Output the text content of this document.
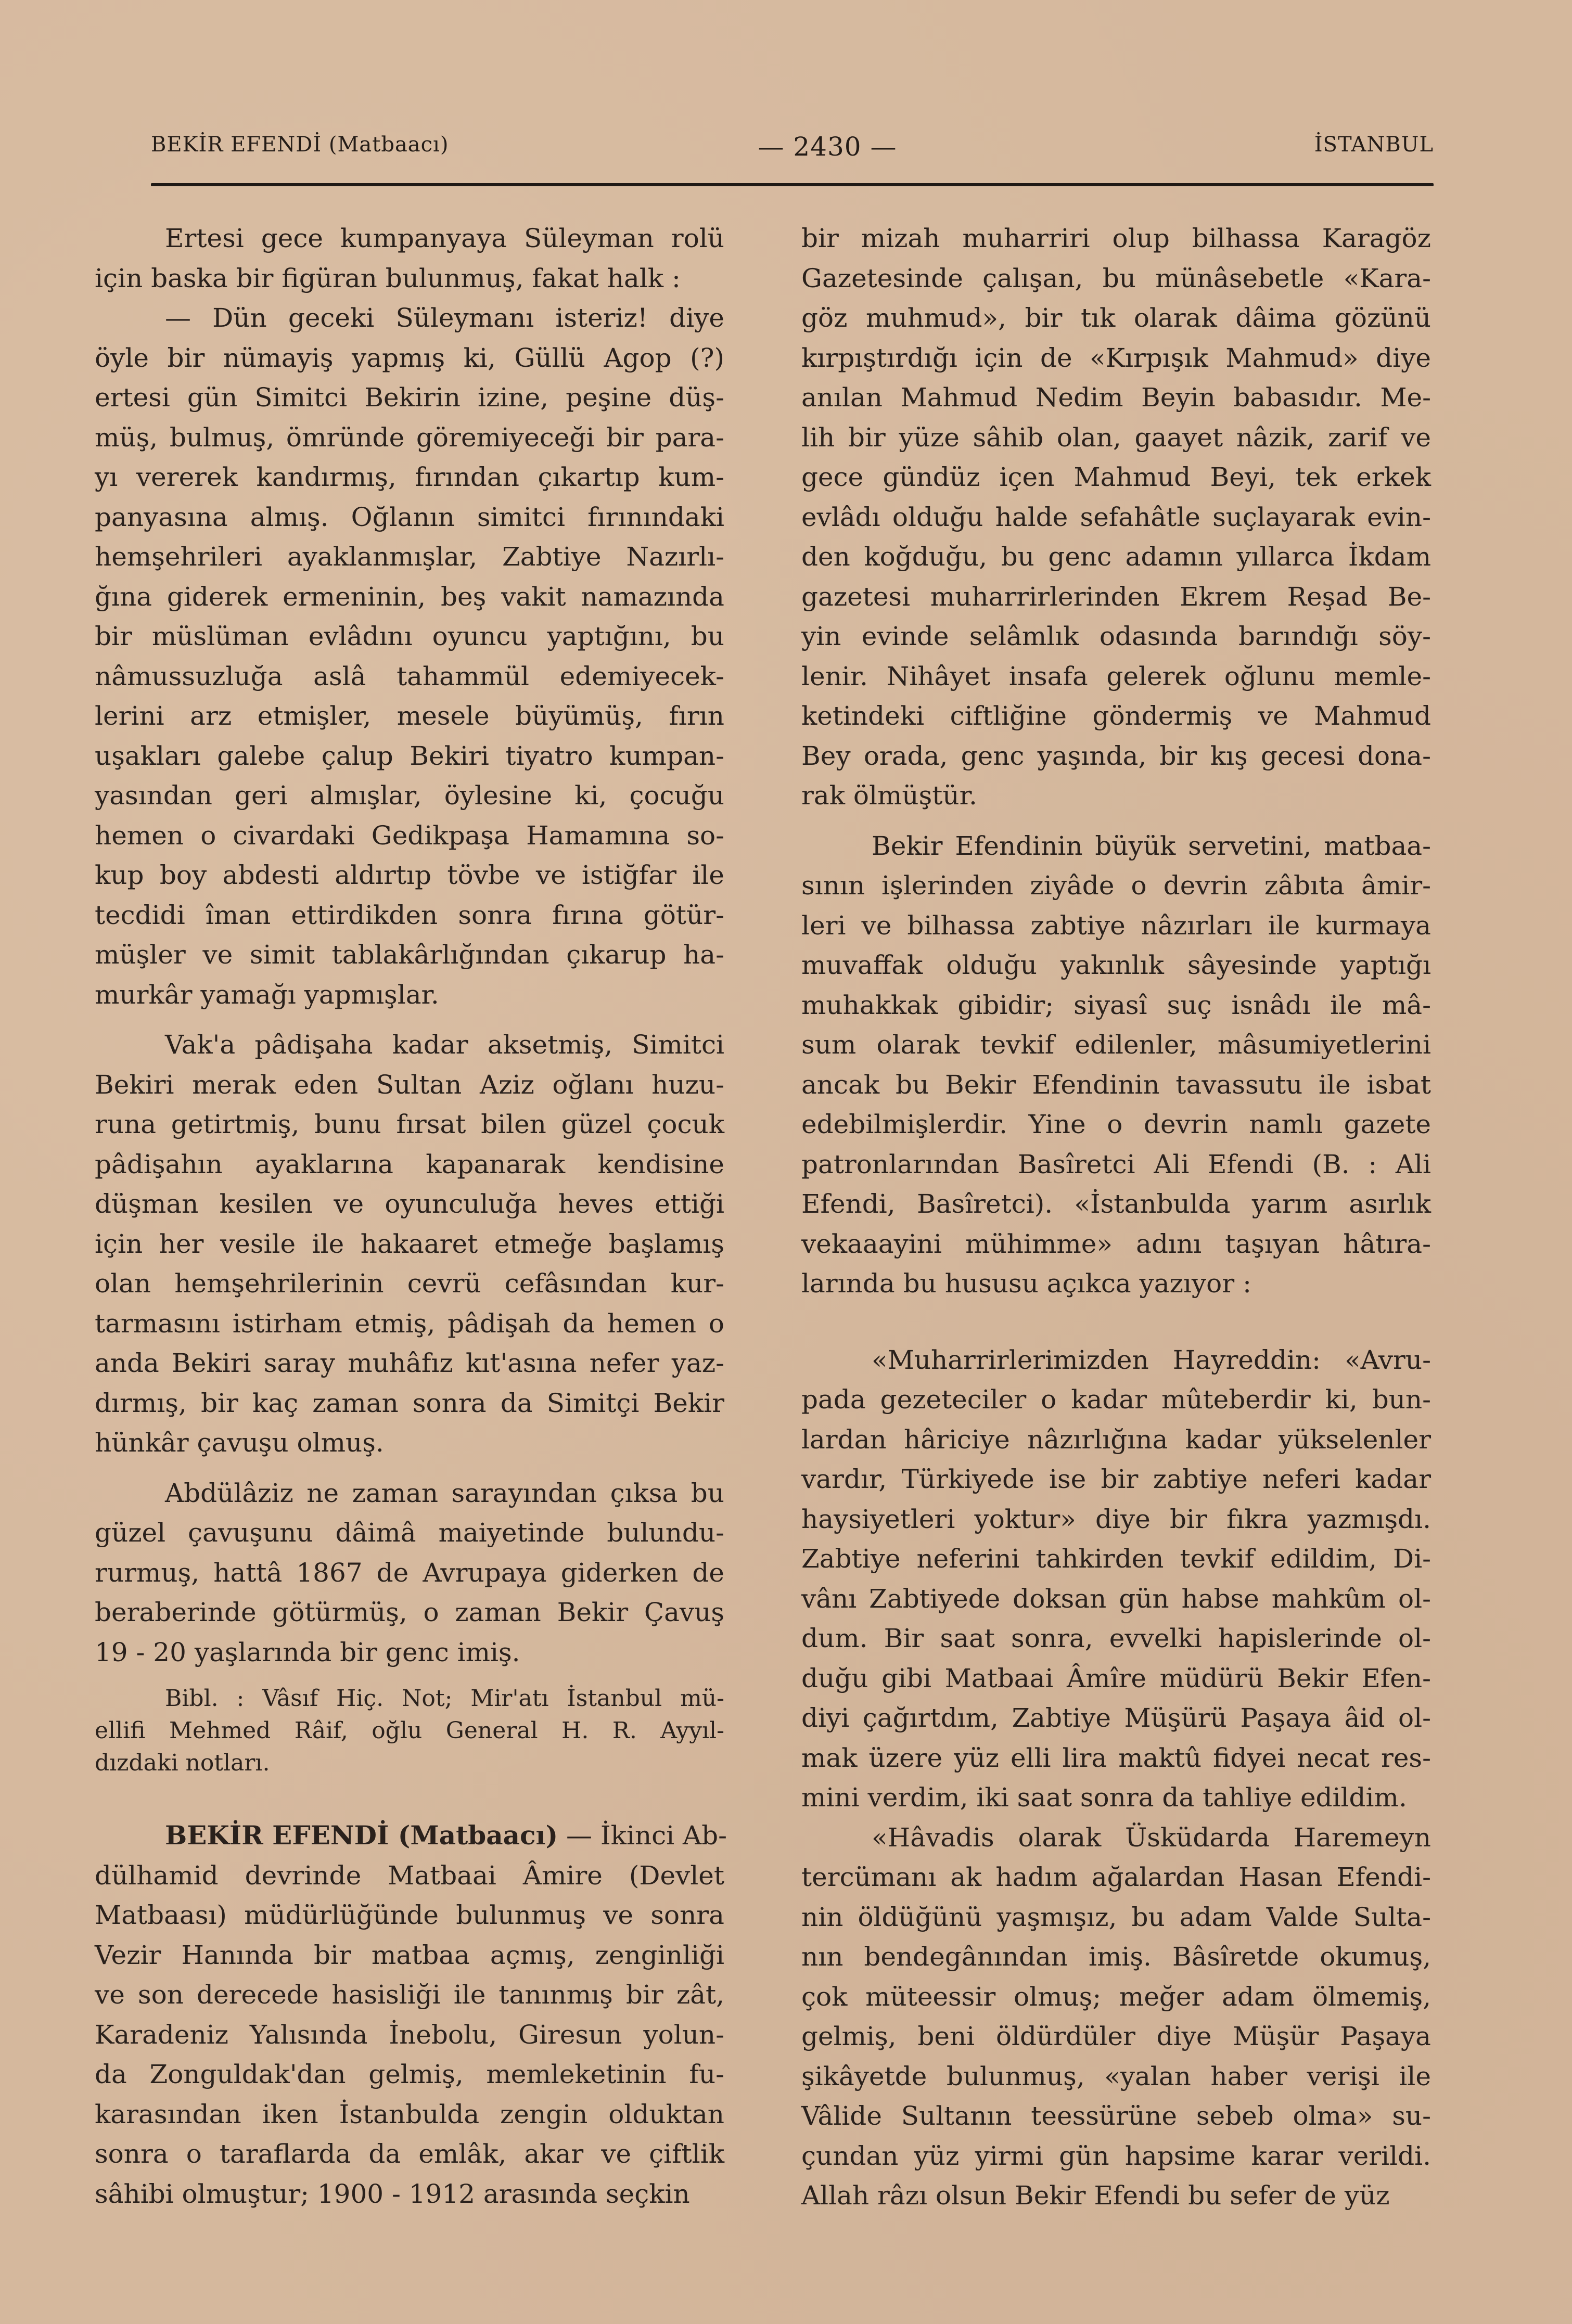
BEKİR EFENDİ (Matbaacı)	— 2430 —	İSTANBUL
Ertesi gece kumpanyaya Süleyman rolü
için baska bir figüran bulunmuş, fakat halk :
— Dün geceki Süleymanı isteriz! diye
öyle bir nümayiş yapmış ki, Güllü Agop (?)
ertesi gün Simitci Bekirin izine, peşine düş-
müş, bulmuş, ömründe göremiyeceği bir para-
yı vererek kandırmış, fırından çıkartıp kum-
panyasına almış. Oğlanın simitci fırınındaki
hemşehrileri ayaklanmışlar, Zabtiye Nazırlı-
ğına giderek ermeninin, beş vakit namazında
bir müslüman evlâdını oyuncu yaptığını, bu
nâmussuzluğa aslâ tahammül edemiyecek-
lerini arz etmişler, mesele büyümüş, fırın
uşakları galebe çalup Bekiri tiyatro kumpan-
yasından geri almışlar, öylesine ki, çocuğu
hemen o civardaki Gedikpaşa Hamamına so-
kup boy abdesti aldırtıp tövbe ve istiğfar ile
tecdidi îman ettirdikden sonra fırına götür-
müşler ve simit tablakârlığından çıkarup ha-
murkâr yamağı yapmışlar.
Vak'a pâdişaha kadar aksetmiş, Simitci
Bekiri merak eden Sultan Aziz oğlanı huzu-
runa getirtmiş, bunu fırsat bilen güzel çocuk
pâdişahın ayaklarına kapanarak kendisine
düşman kesilen ve oyunculuğa heves ettiği
için her vesile ile hakaaret etmeğe başlamış
olan hemşehrilerinin cevrü cefâsından kur-
tarmasını istirham etmiş, pâdişah da hemen o
anda Bekiri saray muhâfız kıt'asına nefer yaz-
dırmış, bir kaç zaman sonra da Simitçi Bekir
hünkâr çavuşu olmuş.
Abdülâziz ne zaman sarayından çıksa bu
güzel çavuşunu dâimâ maiyetinde bulundu-
rurmuş, hattâ 1867 de Avrupaya giderken de
beraberinde götürmüş, o zaman Bekir Çavuş
19 - 20 yaşlarında bir genc imiş.
Bibl. : Vâsıf Hiç. Not; Mir'atı İstanbul mü-
ellifi Mehmed Râif, oğlu General H. R. Ayyıl-
dızdaki notları.
BEKİR EFENDİ (Matbaacı) — İkinci Ab-
dülhamid devrinde Matbaai Âmire (Devlet
Matbaası) müdürlüğünde bulunmuş ve sonra
Vezir Hanında bir matbaa açmış, zenginliği
ve son derecede hasisliği ile tanınmış bir zât,
Karadeniz Yalısında İnebolu, Giresun yolun-
da Zonguldak'dan gelmiş, memleketinin fu-
karasından iken İstanbulda zengin olduktan
sonra o taraflarda da emlâk, akar ve çiftlik
sâhibi olmuştur; 1900 - 1912 arasında seçkin
bir mizah muharriri olup bilhassa Karagöz
Gazetesinde çalışan, bu münâsebetle «Kara-
göz muhmud», bir tık olarak dâima gözünü
kırpıştırdığı için de «Kırpışık Mahmud» diye
anılan Mahmud Nedim Beyin babasıdır. Me-
lih bir yüze sâhib olan, gaayet nâzik, zarif ve
gece gündüz içen Mahmud Beyi, tek erkek
evlâdı olduğu halde sefahâtle suçlayarak evin-
den koğduğu, bu genc adamın yıllarca İkdam
gazetesi muharrirlerinden Ekrem Reşad Be-
yin evinde selâmlık odasında barındığı söy-
lenir. Nihâyet insafa gelerek oğlunu memle-
ketindeki ciftliğine göndermiş ve Mahmud
Bey orada, genc yaşında, bir kış gecesi dona-
rak ölmüştür.
Bekir Efendinin büyük servetini, matbaa-
sının işlerinden ziyâde o devrin zâbıta âmir-
leri ve bilhassa zabtiye nâzırları ile kurmaya
muvaffak olduğu yakınlık sâyesinde yaptığı
muhakkak gibidir; siyasî suç isnâdı ile mâ-
sum olarak tevkif edilenler, mâsumiyetlerini
ancak bu Bekir Efendinin tavassutu ile isbat
edebilmişlerdir. Yine o devrin namlı gazete
patronlarından Basîretci Ali Efendi (B. : Ali
Efendi, Basîretci). «İstanbulda yarım asırlık
vekaaayini mühimme» adını taşıyan hâtıra-
larında bu hususu açıkca yazıyor :
«Muharrirlerimizden Hayreddin: «Avru-
pada gezeteciler o kadar mûteberdir ki, bun-
lardan hâriciye nâzırlığına kadar yükselenler
vardır, Türkiyede ise bir zabtiye neferi kadar
haysiyetleri yoktur» diye bir fıkra yazmışdı.
Zabtiye neferini tahkirden tevkif edildim, Di-
vânı Zabtiyede doksan gün habse mahkûm ol-
dum. Bir saat sonra, evvelki hapislerinde ol-
duğu gibi Matbaai Âmîre müdürü Bekir Efen-
diyi çağırtdım, Zabtiye Müşürü Paşaya âid ol-
mak üzere yüz elli lira maktû fidyei necat res-
mini verdim, iki saat sonra da tahliye edildim.
«Hâvadis olarak Üsküdarda Haremeyn
tercümanı ak hadım ağalardan Hasan Efendi-
nin öldüğünü yaşmışız, bu adam Valde Sulta-
nın bendegânından imiş. Bâsîretde okumuş,
çok müteessir olmuş; meğer adam ölmemiş,
gelmiş, beni öldürdüler diye Müşür Paşaya
şikâyetde bulunmuş, «yalan haber verişi ile
Vâlide Sultanın teessürüne sebeb olma» su-
çundan yüz yirmi gün hapsime karar verildi.
Allah râzı olsun Bekir Efendi bu sefer de yüz
